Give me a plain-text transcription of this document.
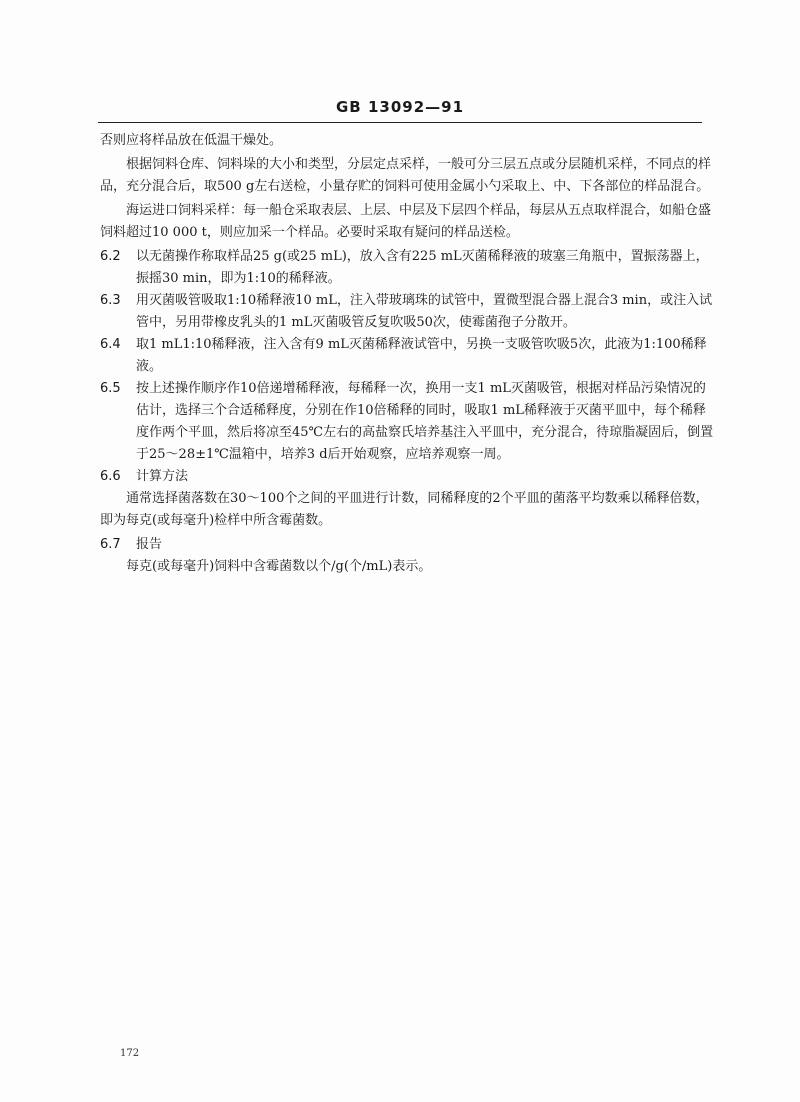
GB 13092—91

否则应将样品放在低温干燥处。

根据饲料仓库、饲料垛的大小和类型，分层定点采样，一般可分三层五点或分层随机采样，不同点的样品，充分混合后，取500 g左右送检，小量存贮的饲料可使用金属小勺采取上、中、下各部位的样品混合。

海运进口饲料采样：每一船仓采取表层、上层、中层及下层四个样品，每层从五点取样混合，如船仓盛饲料超过10 000 t，则应加采一个样品。必要时采取有疑问的样品送检。

6.2	以无菌操作称取样品25 g(或25 mL)，放入含有225 mL灭菌稀释液的玻塞三角瓶中，置振荡器上，振摇30 min，即为1:10的稀释液。
6.3	用灭菌吸管吸取1:10稀释液10 mL，注入带玻璃珠的试管中，置微型混合器上混合3 min，或注入试管中，另用带橡皮乳头的1 mL灭菌吸管反复吹吸50次，使霉菌孢子分散开。
6.4	取1 mL1:10稀释液，注入含有9 mL灭菌稀释液试管中，另换一支吸管吹吸5次，此液为1:100稀释液。
6.5	按上述操作顺序作10倍递增稀释液，每稀释一次，换用一支1 mL灭菌吸管，根据对样品污染情况的估计，选择三个合适稀释度，分别在作10倍稀释的同时，吸取1 mL稀释液于灭菌平皿中，每个稀释度作两个平皿，然后将凉至45℃左右的高盐察氏培养基注入平皿中，充分混合，待琼脂凝固后，倒置于25～28±1℃温箱中，培养3 d后开始观察，应培养观察一周。
6.6	计算方法

通常选择菌落数在30～100个之间的平皿进行计数，同稀释度的2个平皿的菌落平均数乘以稀释倍数，即为每克(或每毫升)检样中所含霉菌数。

6.7	报告

每克(或每毫升)饲料中含霉菌数以个/g(个/mL)表示。

172
